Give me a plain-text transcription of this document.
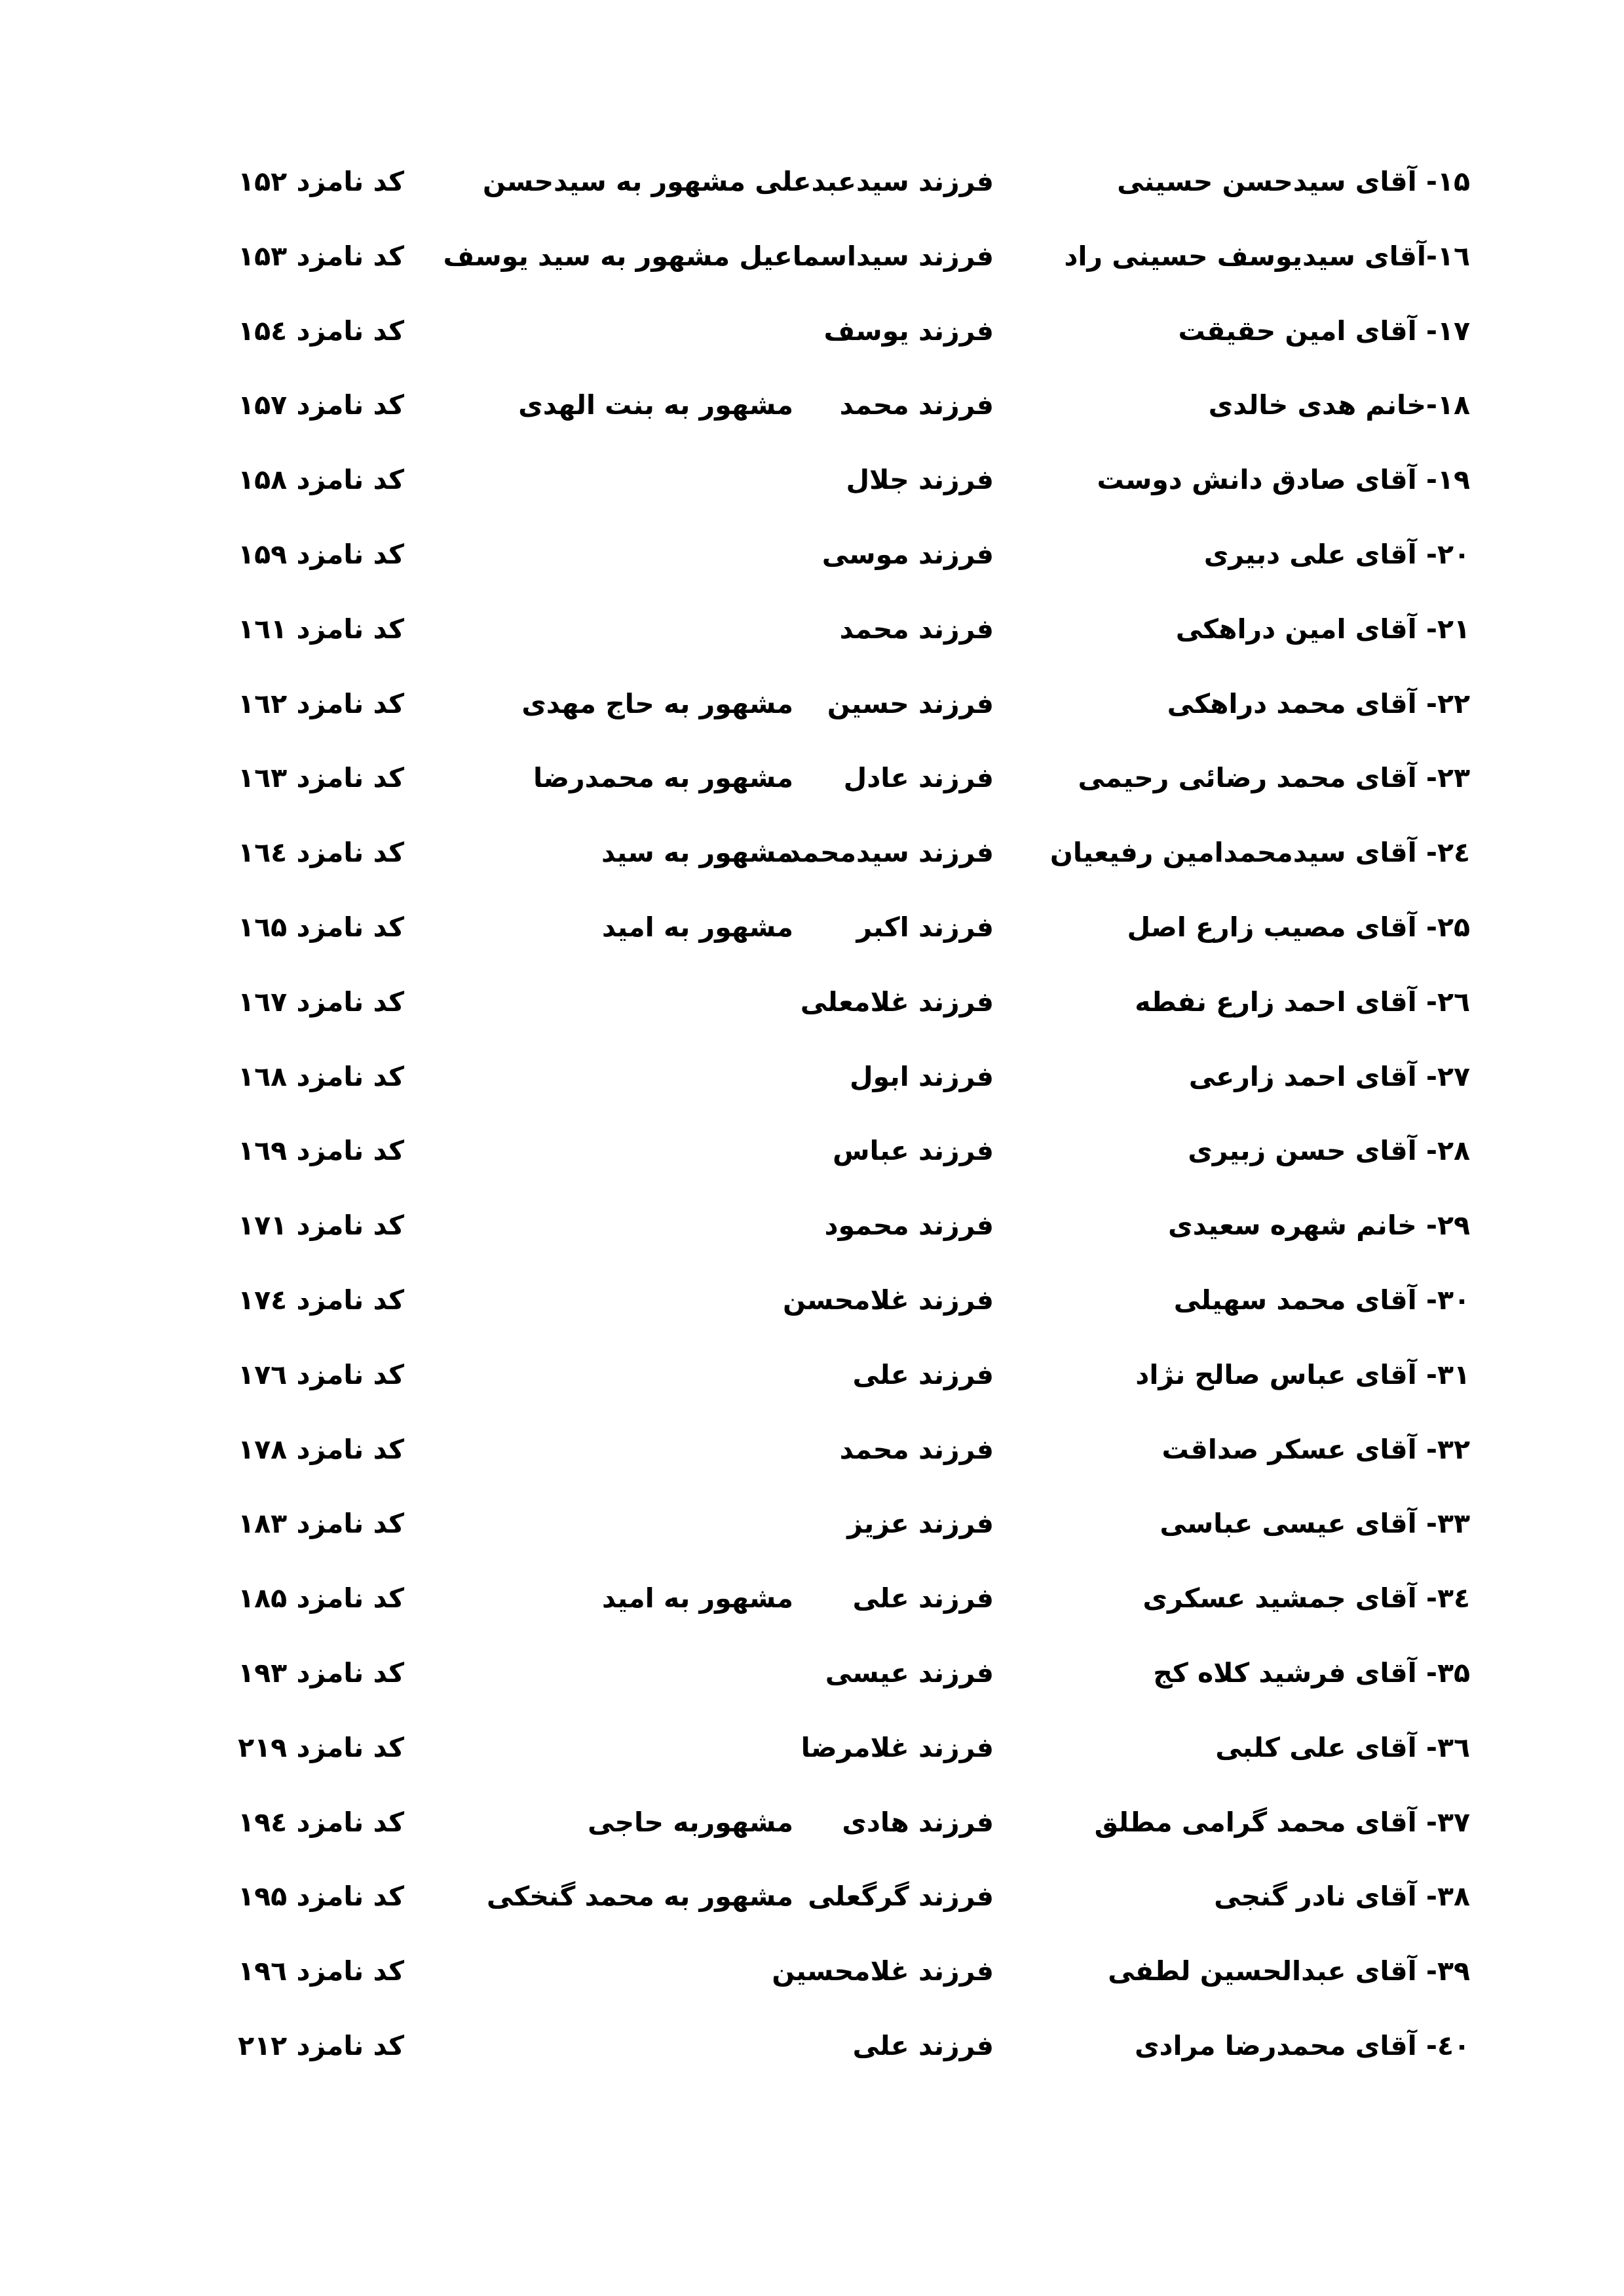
۱۵- آقای سیدحسن حسینی
فرزند سیدعبدعلی مشهور به سیدحسن
کد نامزد ۱۵۲
۱٦-آقای سیدیوسف حسینی راد
فرزند سیداسماعیل مشهور به سید یوسف
کد نامزد ۱۵۳
۱۷- آقای امین حقیقت
فرزند یوسف
کد نامزد ۱۵٤
۱۸-خانم هدی خالدی
فرزند محمد
مشهور به بنت الهدی
کد نامزد ۱۵۷
۱۹- آقای صادق دانش دوست
فرزند جلال
کد نامزد ۱۵۸
۲۰- آقای علی دبیری
فرزند موسی
کد نامزد ۱۵۹
۲۱- آقای امین دراهکی
فرزند محمد
کد نامزد ۱٦۱
۲۲- آقای محمد دراهکی
فرزند حسین
مشهور به حاج مهدی
کد نامزد ۱٦۲
۲۳- آقای محمد رضائی رحیمی
فرزند عادل
مشهور به محمدرضا
کد نامزد ۱٦۳
۲٤- آقای سیدمحمدامین رفیعیان
فرزند سیدمحمد
مشهور به سید
کد نامزد ۱٦٤
۲۵- آقای مصیب زارع اصل
فرزند اکبر
مشهور به امید
کد نامزد ۱٦۵
۲٦- آقای احمد زارع نفطه
فرزند غلامعلی
کد نامزد ۱٦۷
۲۷- آقای احمد زارعی
فرزند ابول
کد نامزد ۱٦۸
۲۸- آقای حسن زبیری
فرزند عباس
کد نامزد ۱٦۹
۲۹- خانم شهره سعیدی
فرزند محمود
کد نامزد ۱۷۱
۳۰- آقای محمد سهیلی
فرزند غلامحسن
کد نامزد ۱۷٤
۳۱- آقای عباس صالح نژاد
فرزند علی
کد نامزد ۱۷٦
۳۲- آقای عسکر صداقت
فرزند محمد
کد نامزد ۱۷۸
۳۳- آقای عیسی عباسی
فرزند عزیز
کد نامزد ۱۸۳
۳٤- آقای جمشید عسکری
فرزند علی
مشهور به امید
کد نامزد ۱۸۵
۳۵- آقای فرشید کلاه کج
فرزند عیسی
کد نامزد ۱۹۳
۳٦- آقای علی کلبی
فرزند غلامرضا
کد نامزد ۲۱۹
۳۷- آقای محمد گرامی مطلق
فرزند هادی
مشهوربه حاجی
کد نامزد ۱۹٤
۳۸- آقای نادر گنجی
فرزند گرگعلی
مشهور به محمد گنخکی
کد نامزد ۱۹۵
۳۹- آقای عبدالحسین لطفی
فرزند غلامحسین
کد نامزد ۱۹٦
٤۰- آقای محمدرضا مرادی
فرزند علی
کد نامزد ۲۱۲
